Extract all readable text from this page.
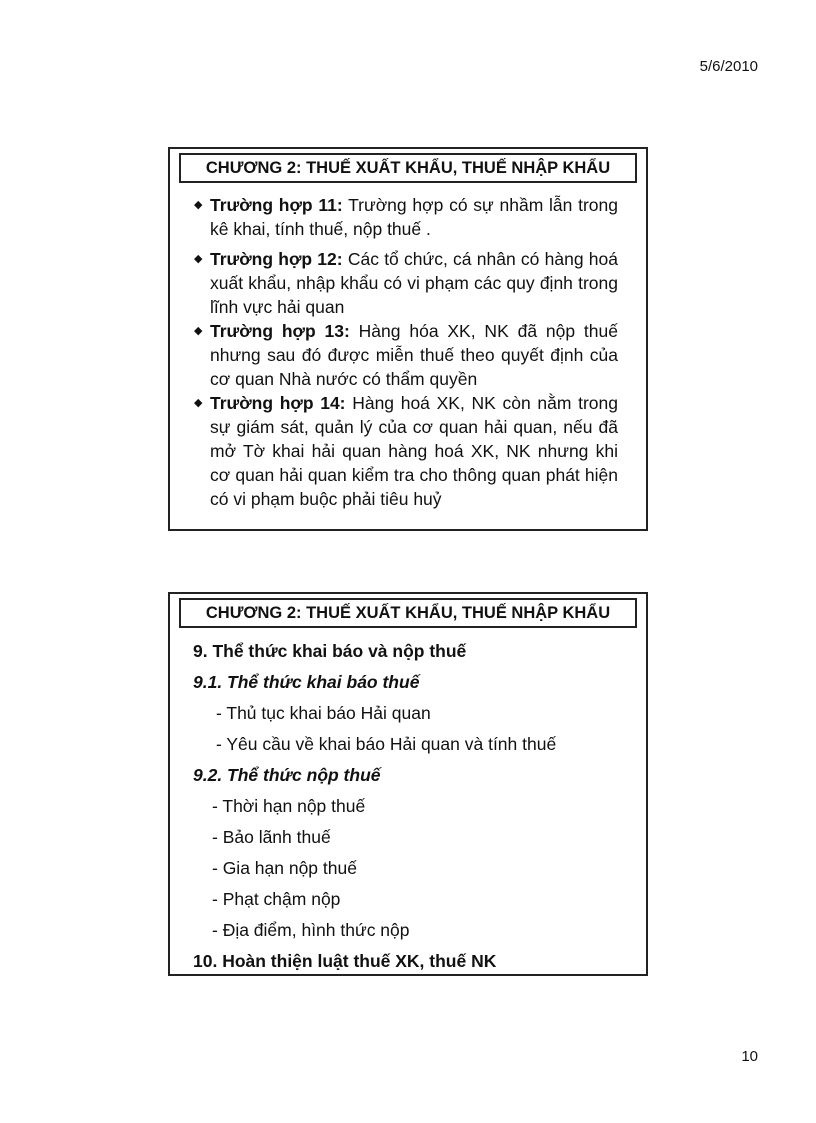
5/6/2010
CHƯƠNG 2: THUẾ XUẤT KHẨU, THUẾ NHẬP KHẨU
◆ Trường hợp 11: Trường hợp có sự nhầm lẫn trong kê khai, tính thuế, nộp thuế .
◆ Trường hợp 12: Các tổ chức, cá nhân có hàng hoá xuất khẩu, nhập khẩu có vi phạm các quy định trong lĩnh vực hải quan
◆ Trường hợp 13: Hàng hóa XK, NK đã nộp thuế nhưng sau đó được miễn thuế theo quyết định của cơ quan Nhà nước có thẩm quyền
◆ Trường hợp 14: Hàng hoá XK, NK còn nằm trong sự giám sát, quản lý của cơ quan hải quan, nếu đã mở Tờ khai hải quan hàng hoá XK, NK nhưng khi cơ quan hải quan kiểm tra cho thông quan phát hiện có vi phạm buộc phải tiêu huỷ
CHƯƠNG 2: THUẾ XUẤT KHẨU, THUẾ NHẬP KHẨU
9. Thể thức khai báo và nộp thuế
9.1. Thể thức khai báo thuế
- Thủ tục khai báo Hải quan
- Yêu cầu về khai báo Hải quan và tính thuế
9.2. Thể thức nộp thuế
- Thời hạn nộp thuế
- Bảo lãnh thuế
- Gia hạn nộp thuế
- Phạt chậm nộp
- Địa điểm, hình thức nộp
10. Hoàn thiện luật thuế XK, thuế NK
10
